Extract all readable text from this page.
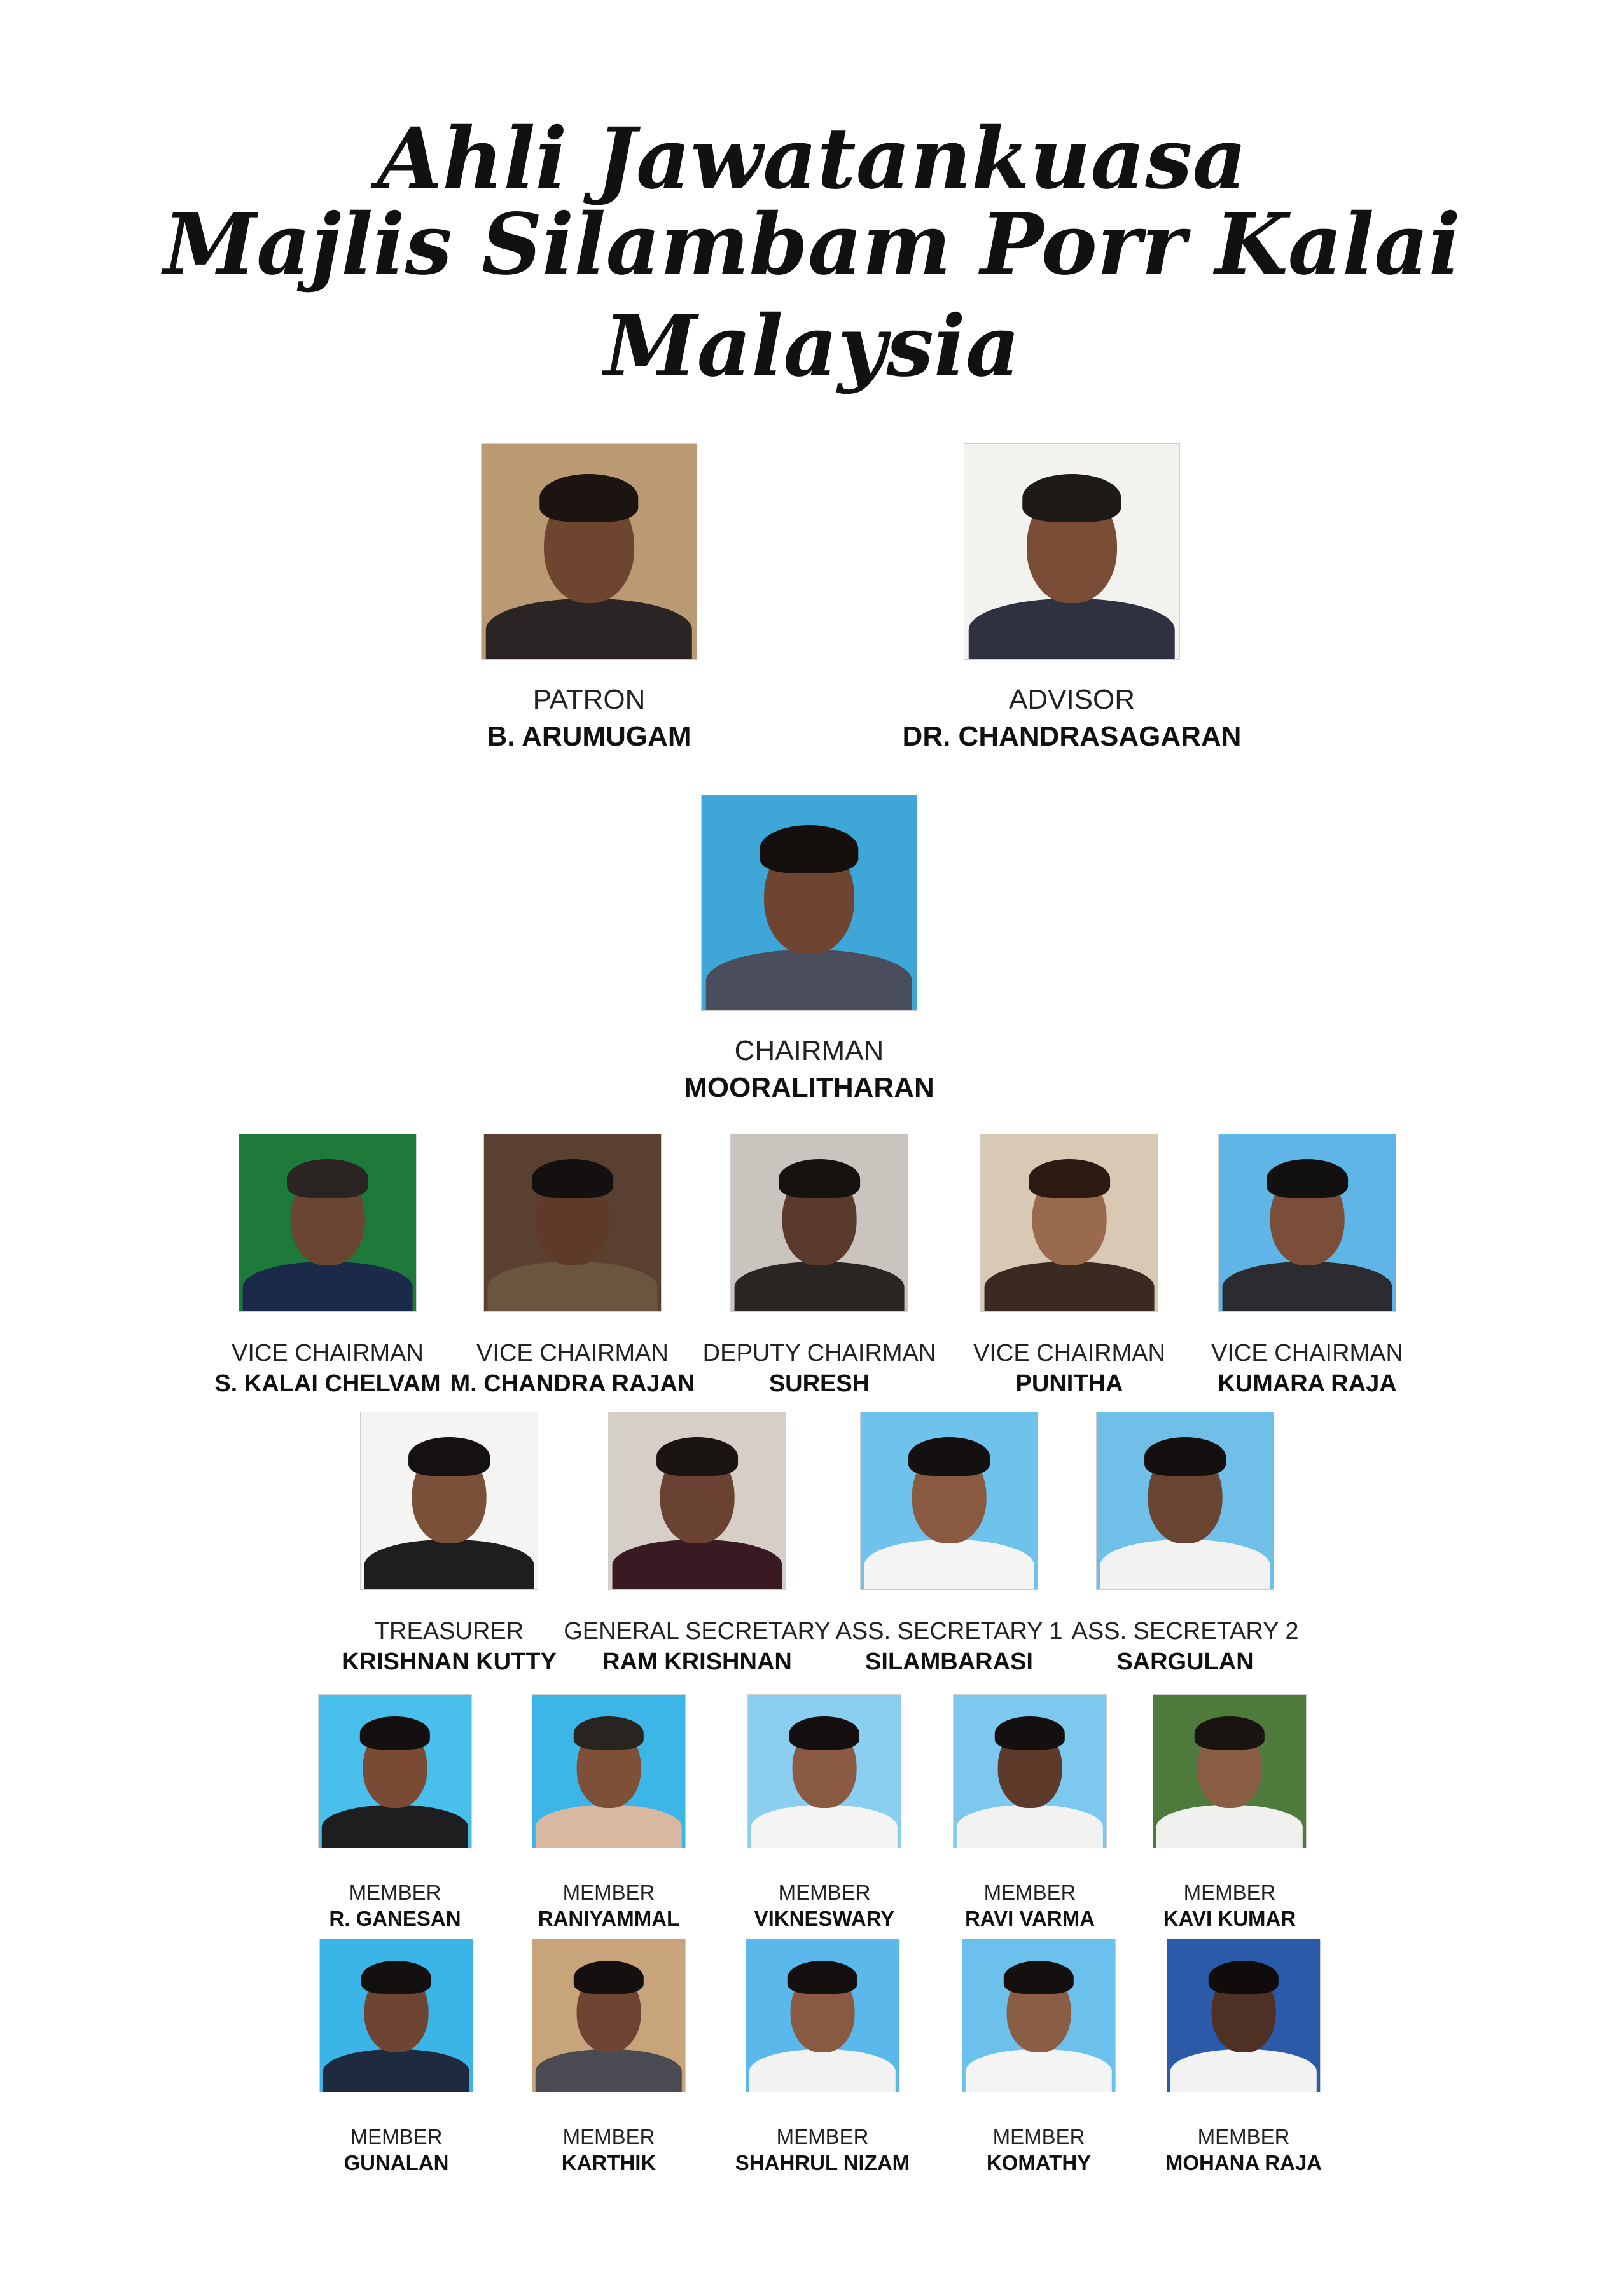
Ahli Jawatankuasa
Majlis Silambam Porr Kalai Malaysia
PATRON
B. ARUMUGAM
ADVISOR
DR. CHANDRASAGARAN
CHAIRMAN
MOORALITHARAN
VICE CHAIRMAN
S. KALAI CHELVAM
VICE CHAIRMAN
M. CHANDRA RAJAN
DEPUTY CHAIRMAN
SURESH
VICE CHAIRMAN
PUNITHA
VICE CHAIRMAN
KUMARA RAJA
TREASURER
KRISHNAN KUTTY
GENERAL SECRETARY
RAM KRISHNAN
ASS. SECRETARY 1
SILAMBARASI
ASS. SECRETARY 2
SARGULAN
MEMBER
R. GANESAN
MEMBER
RANIYAMMAL
MEMBER
VIKNESWARY
MEMBER
RAVI VARMA
MEMBER
KAVI KUMAR
MEMBER
GUNALAN
MEMBER
KARTHIK
MEMBER
SHAHRUL NIZAM
MEMBER
KOMATHY
MEMBER
MOHANA RAJA
